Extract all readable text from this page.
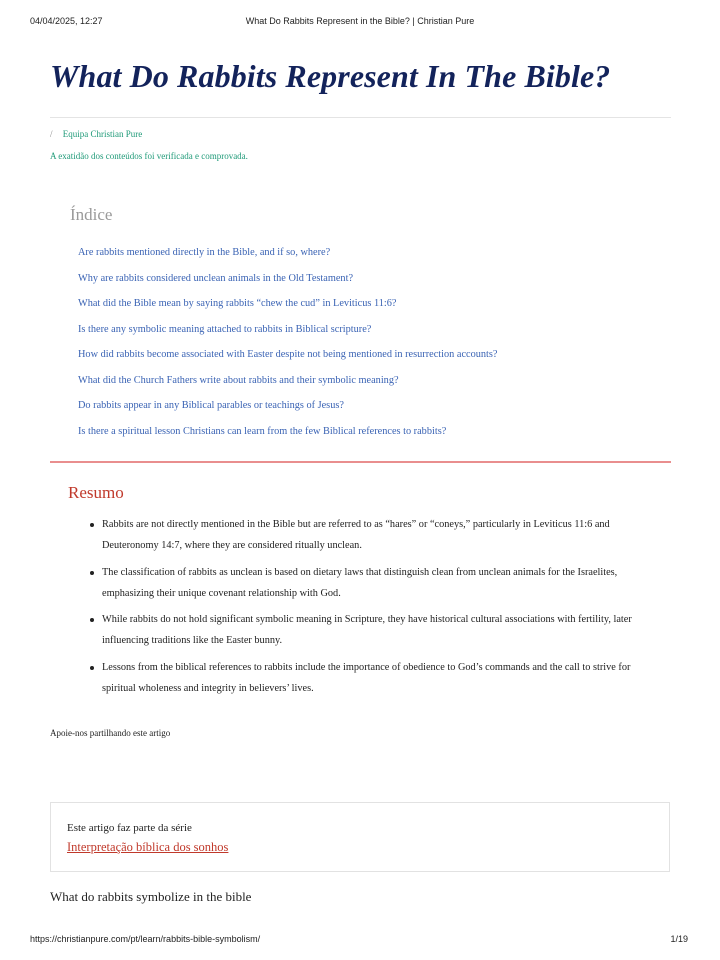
04/04/2025, 12:27	What Do Rabbits Represent in the Bible? | Christian Pure
What Do Rabbits Represent In The Bible?
/ Equipa Christian Pure
A exatidão dos conteúdos foi verificada e comprovada.
Índice
Are rabbits mentioned directly in the Bible, and if so, where?
Why are rabbits considered unclean animals in the Old Testament?
What did the Bible mean by saying rabbits “chew the cud” in Leviticus 11:6?
Is there any symbolic meaning attached to rabbits in Biblical scripture?
How did rabbits become associated with Easter despite not being mentioned in resurrection accounts?
What did the Church Fathers write about rabbits and their symbolic meaning?
Do rabbits appear in any Biblical parables or teachings of Jesus?
Is there a spiritual lesson Christians can learn from the few Biblical references to rabbits?
Resumo
Rabbits are not directly mentioned in the Bible but are referred to as “hares” or “coneys,” particularly in Leviticus 11:6 and Deuteronomy 14:7, where they are considered ritually unclean.
The classification of rabbits as unclean is based on dietary laws that distinguish clean from unclean animals for the Israelites, emphasizing their unique covenant relationship with God.
While rabbits do not hold significant symbolic meaning in Scripture, they have historical cultural associations with fertility, later influencing traditions like the Easter bunny.
Lessons from the biblical references to rabbits include the importance of obedience to God’s commands and the call to strive for spiritual wholeness and integrity in believers’ lives.
Apoie-nos partilhando este artigo
Este artigo faz parte da série
Interpretação bíblica dos sonhos
What do rabbits symbolize in the bible
https://christianpure.com/pt/learn/rabbits-bible-symbolism/	1/19
